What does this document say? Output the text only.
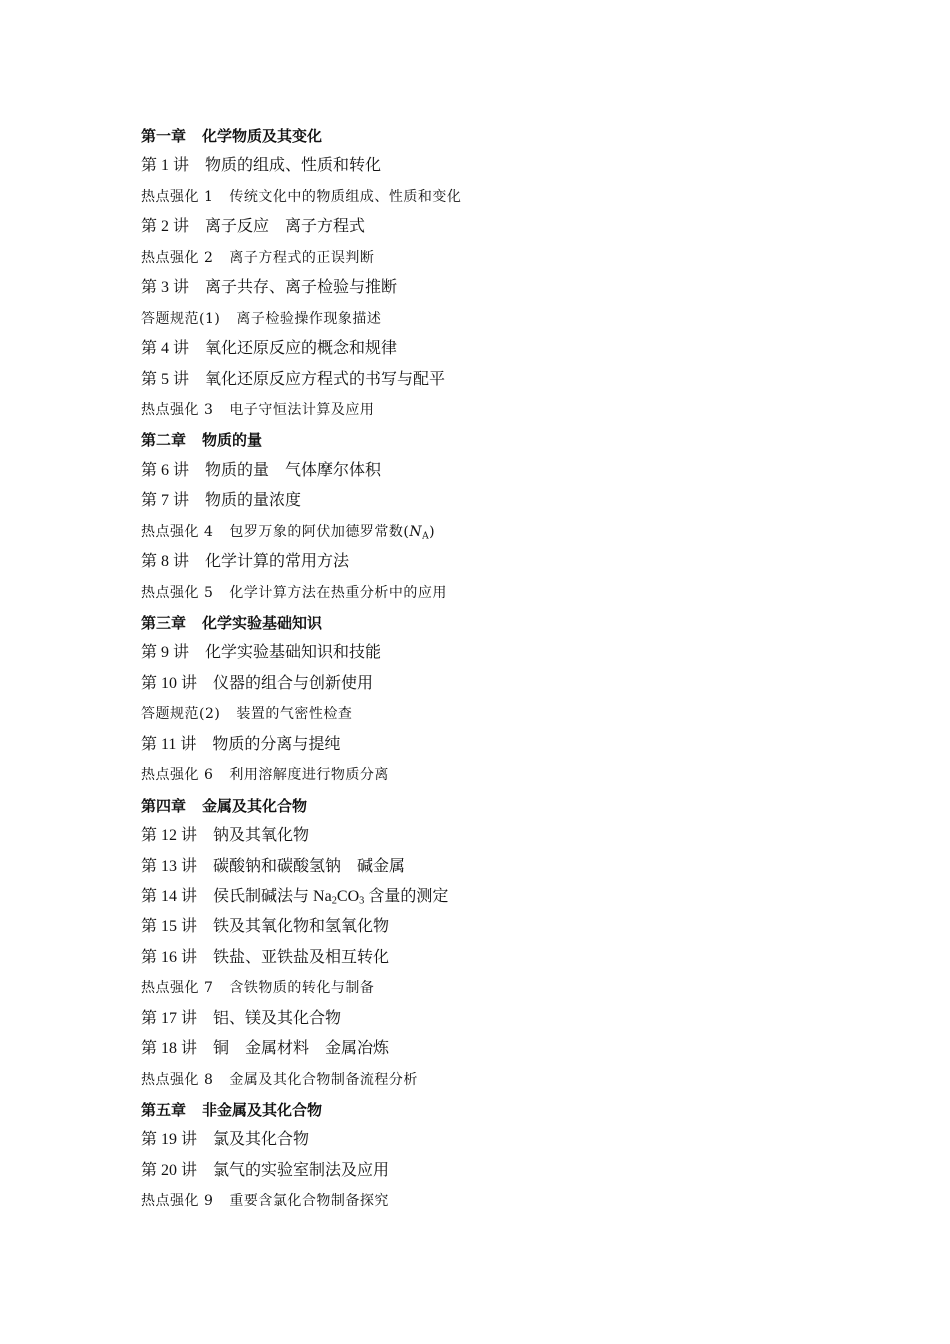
第一章 化学物质及其变化
第 1 讲 物质的组成、性质和转化
热点强化 1 传统文化中的物质组成、性质和变化
第 2 讲 离子反应　离子方程式
热点强化 2 离子方程式的正误判断
第 3 讲 离子共存、离子检验与推断
答题规范(1) 离子检验操作现象描述
第 4 讲 氧化还原反应的概念和规律
第 5 讲 氧化还原反应方程式的书写与配平
热点强化 3 电子守恒法计算及应用
第二章 物质的量
第 6 讲 物质的量　气体摩尔体积
第 7 讲 物质的量浓度
热点强化 4 包罗万象的阿伏加德罗常数$(N_A)$
第 8 讲 化学计算的常用方法
热点强化 5 化学计算方法在热重分析中的应用
第三章 化学实验基础知识
第 9 讲 化学实验基础知识和技能
第 10 讲 仪器的组合与创新使用
答题规范(2) 装置的气密性检查
第 11 讲 物质的分离与提纯
热点强化 6 利用溶解度进行物质分离
第四章 金属及其化合物
第 12 讲 钠及其氧化物
第 13 讲 碳酸钠和碳酸氢钠　碱金属
第 14 讲 侯氏制碱法与 $Na_2CO_3$ 含量的测定
第 15 讲 铁及其氧化物和氢氧化物
第 16 讲 铁盐、亚铁盐及相互转化
热点强化 7 含铁物质的转化与制备
第 17 讲 铝、镁及其化合物
第 18 讲 铜　金属材料　金属冶炼
热点强化 8 金属及其化合物制备流程分析
第五章 非金属及其化合物
第 19 讲 氯及其化合物
第 20 讲 氯气的实验室制法及应用
热点强化 9 重要含氯化合物制备探究
